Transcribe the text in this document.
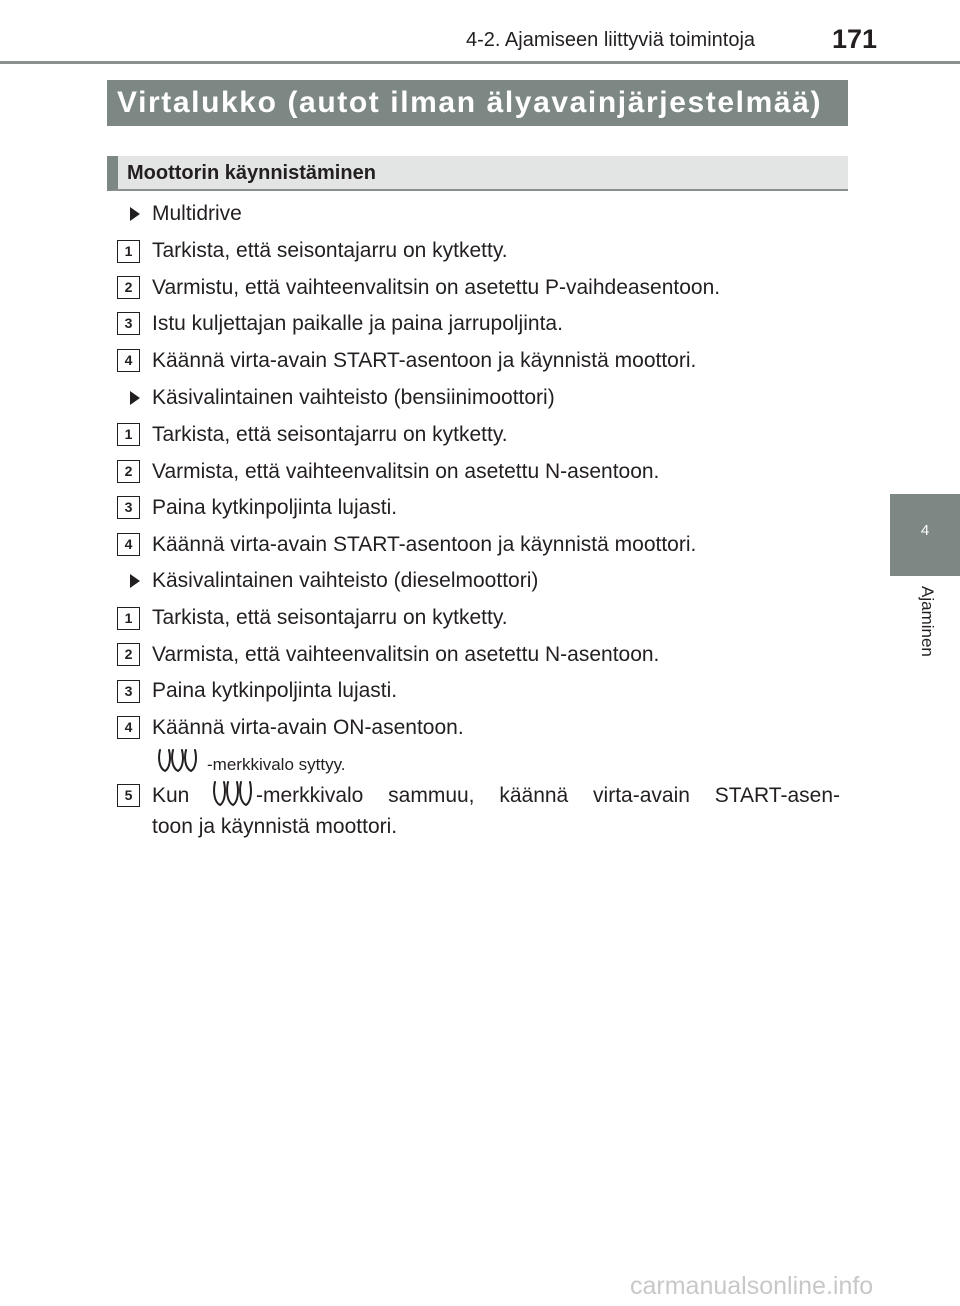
4-2. Ajamiseen liittyviä toimintoja	171
Virtalukko (autot ilman älyavainjärjestelmää)
Moottorin käynnistäminen
4
Ajaminen
Multidrive
1 Tarkista, että seisontajarru on kytketty.
2 Varmistu, että vaihteenvalitsin on asetettu P-vaihdeasentoon.
3 Istu kuljettajan paikalle ja paina jarrupoljinta.
4 Käännä virta-avain START-asentoon ja käynnistä moottori.
Käsivalintainen vaihteisto (bensiinimoottori)
1 Tarkista, että seisontajarru on kytketty.
2 Varmista, että vaihteenvalitsin on asetettu N-asentoon.
3 Paina kytkinpoljinta lujasti.
4 Käännä virta-avain START-asentoon ja käynnistä moottori.
Käsivalintainen vaihteisto (dieselmoottori)
1 Tarkista, että seisontajarru on kytketty.
2 Varmista, että vaihteenvalitsin on asetettu N-asentoon.
3 Paina kytkinpoljinta lujasti.
4 Käännä virta-avain ON-asentoon.
-merkkivalo syttyy.
5 Kun	-merkkivalo sammuu, käännä virta-avain START-asen-
toon ja käynnistä moottori.
carmanualsonline.info
